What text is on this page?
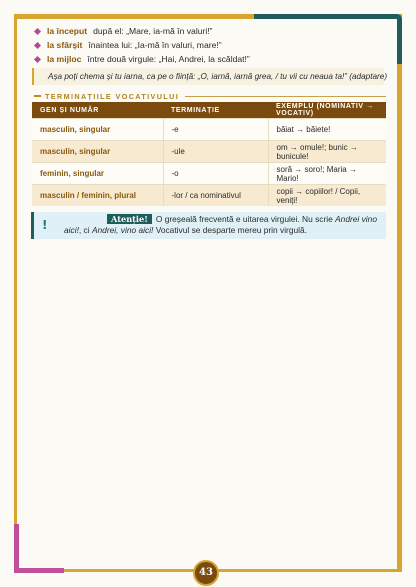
la început după el: „Mare, ia-mă în valuri!”
la sfârșit înaintea lui: „Ia-mă în valuri, mare!”
la mijloc între două virgule: „Hai, Andrei, la scăldat!”
Așa poți chema și tu iarna, ca pe o ființă: „O, iarnă, iarnă grea, / tu vii cu neaua ta!” (adaptare)
TERMINAȚIILE VOCATIVULUI
GEN ȘI NUMĂR	TERMINAȚIE	EXEMPLU (NOMINATIV → VOCATIV)
masculin, singular	-e	băiat → băiete!
masculin, singular	-ule	om → omule!; bunic → bunicule!
feminin, singular	-o	soră → soro!; Maria → Mario!
masculin / feminin, plural	-lor / ca nominativul	copii → copiilor! / Copii, veniți!
!	Atenție! O greșeală frecventă e uitarea virgulei. Nu scrie Andrei vino aici!, ci Andrei, vino aici! Vocativul se desparte mereu prin virgulă.
43
